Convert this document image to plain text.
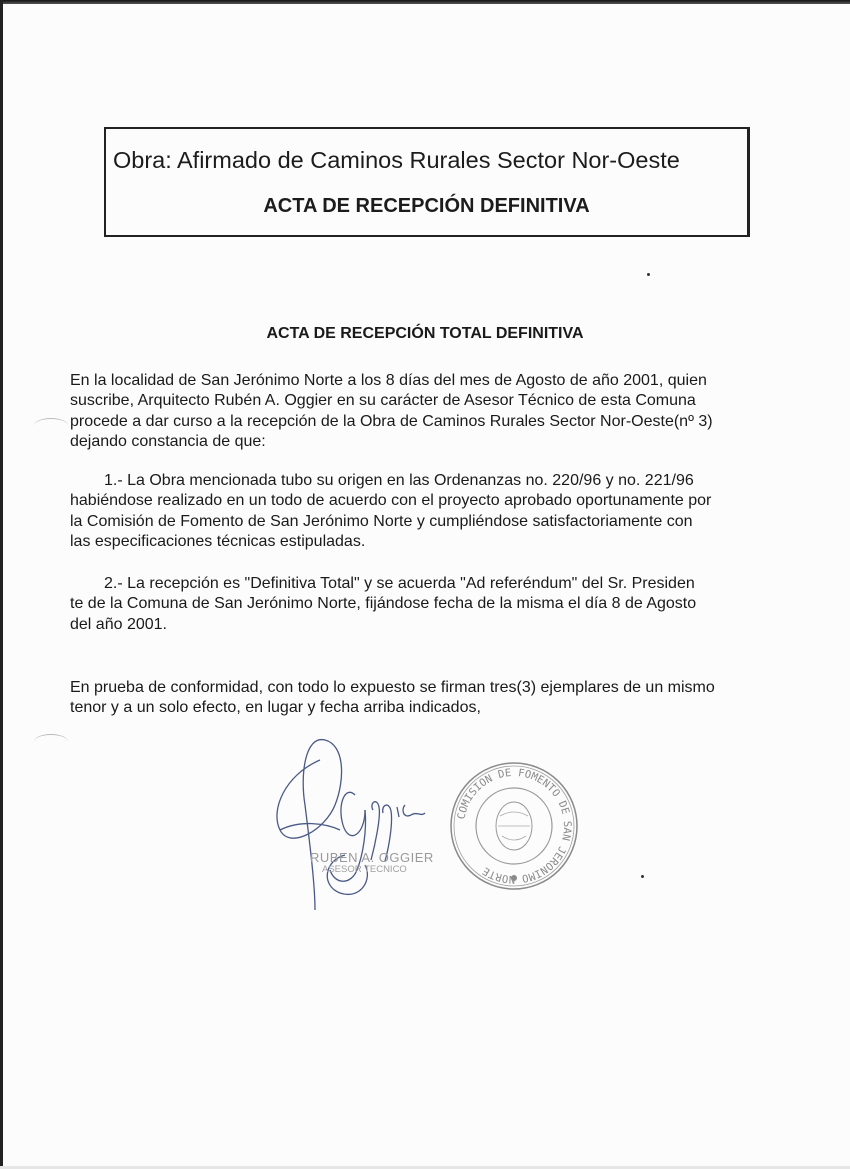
Obra: Afirmado de Caminos Rurales Sector Nor-Oeste
ACTA DE RECEPCIÓN DEFINITIVA
ACTA DE RECEPCIÓN TOTAL DEFINITIVA
En la localidad de San Jerónimo Norte a los 8 días del mes de Agosto de año 2001, quien
suscribe, Arquitecto Rubén A. Oggier en su carácter de Asesor Técnico de esta Comuna
procede a dar curso a la recepción de la Obra de Caminos Rurales Sector Nor-Oeste(nº 3)
dejando constancia de que:
1.- La Obra mencionada tubo su origen en las Ordenanzas no. 220/96 y no. 221/96
habiéndose realizado en un todo de acuerdo con el proyecto aprobado oportunamente por
la Comisión de Fomento de San Jerónimo Norte y cumpliéndose satisfactoriamente con
las especificaciones técnicas estipuladas.
2.- La recepción es "Definitiva Total" y se acuerda "Ad referéndum" del Sr. Presiden
te de la Comuna de San Jerónimo Norte, fijándose fecha de la misma el día 8 de Agosto
del año 2001.
En prueba de conformidad, con todo lo expuesto se firman tres(3) ejemplares de un mismo
tenor y a un solo efecto, en lugar y fecha arriba indicados,
RUBEN A. OGGIER
ASESOR TECNICO
COMISION DE FOMENTO DE SAN JERONIMO NORTE
